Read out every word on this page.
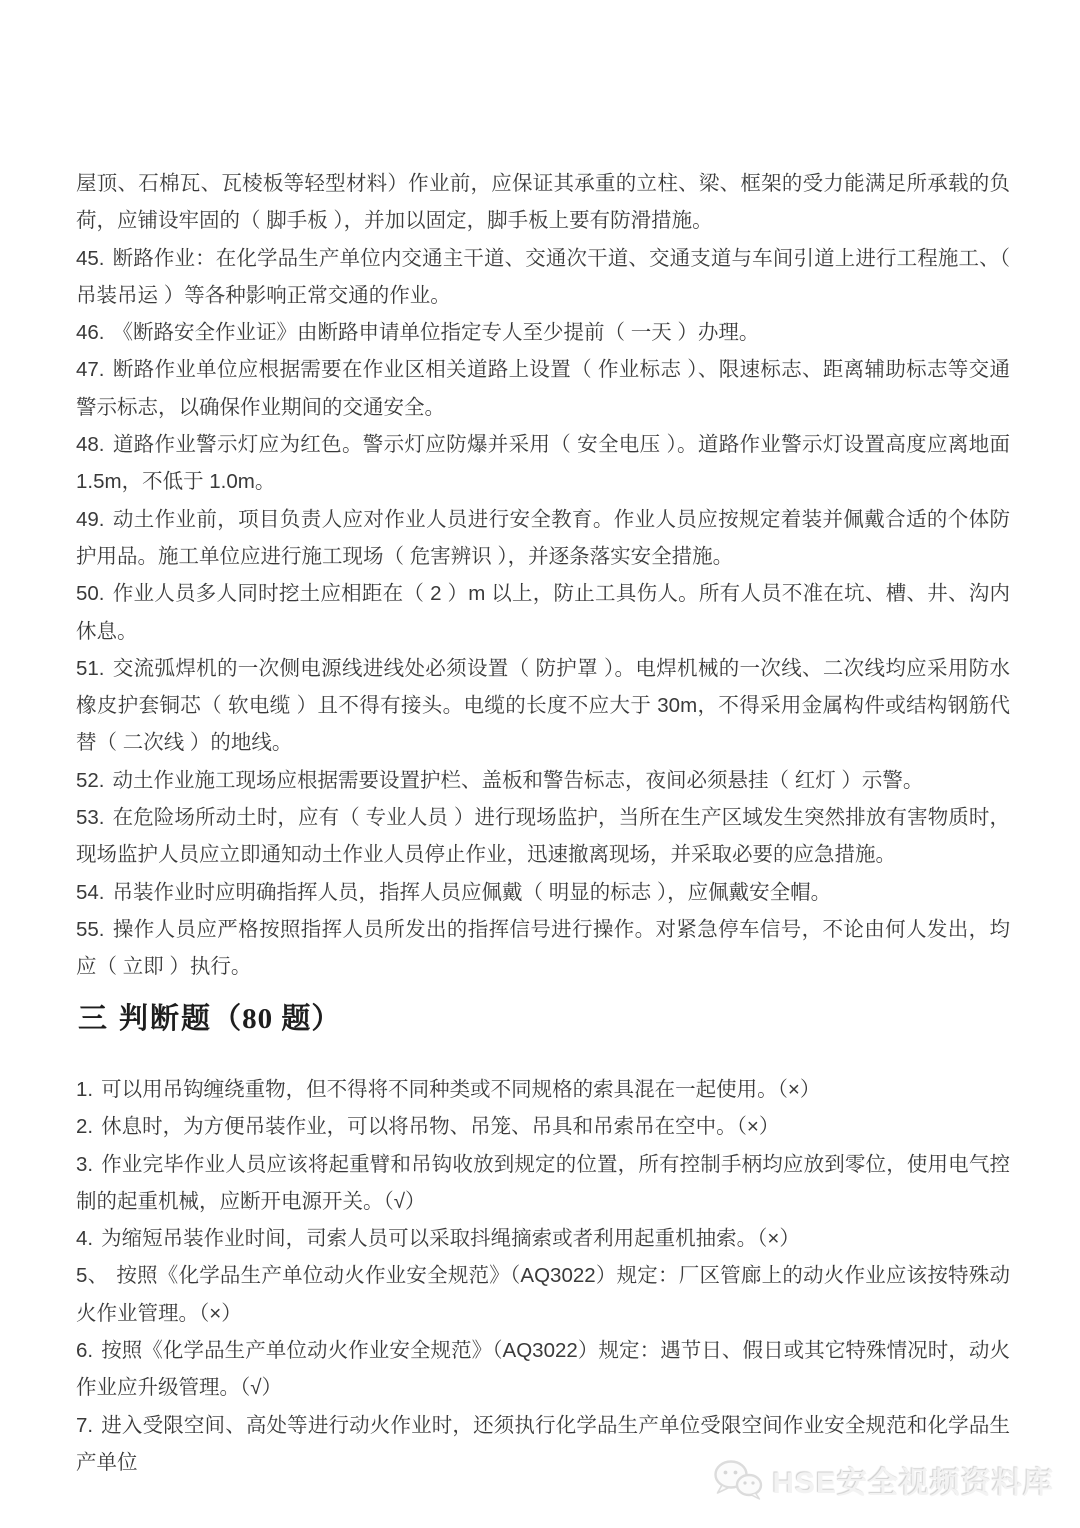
屋顶、石棉瓦、瓦棱板等轻型材料）作业前，应保证其承重的立柱、梁、框架的受力能满足所承载的负荷，应铺设牢固的（ 脚手板 ），并加以固定，脚手板上要有防滑措施。

45. 断路作业：在化学品生产单位内交通主干道、交通次干道、交通支道与车间引道上进行工程施工、（ 吊装吊运 ）等各种影响正常交通的作业。

46. 《断路安全作业证》由断路申请单位指定专人至少提前（ 一天 ）办理。

47. 断路作业单位应根据需要在作业区相关道路上设置（ 作业标志 ）、限速标志、距离辅助标志等交通警示标志，以确保作业期间的交通安全。

48. 道路作业警示灯应为红色。警示灯应防爆并采用（ 安全电压 ）。道路作业警示灯设置高度应离地面 1.5m，不低于 1.0m。

49. 动土作业前，项目负责人应对作业人员进行安全教育。作业人员应按规定着装并佩戴合适的个体防护用品。施工单位应进行施工现场（ 危害辨识 ），并逐条落实安全措施。

50. 作业人员多人同时挖土应相距在（ 2 ）m 以上，防止工具伤人。所有人员不准在坑、槽、井、沟内休息。

51. 交流弧焊机的一次侧电源线进线处必须设置（ 防护罩 ）。电焊机械的一次线、二次线均应采用防水橡皮护套铜芯（ 软电缆 ）且不得有接头。电缆的长度不应大于 30m，不得采用金属构件或结构钢筋代替（ 二次线 ）的地线。

52. 动土作业施工现场应根据需要设置护栏、盖板和警告标志，夜间必须悬挂（ 红灯 ）示警。

53. 在危险场所动土时，应有（ 专业人员 ）进行现场监护，当所在生产区域发生突然排放有害物质时，现场监护人员应立即通知动土作业人员停止作业，迅速撤离现场，并采取必要的应急措施。

54. 吊装作业时应明确指挥人员，指挥人员应佩戴（ 明显的标志 ），应佩戴安全帽。

55. 操作人员应严格按照指挥人员所发出的指挥信号进行操作。对紧急停车信号，不论由何人发出，均应（ 立即 ）执行。

三 判断题（80 题）

1. 可以用吊钩缠绕重物，但不得将不同种类或不同规格的索具混在一起使用。（×）

2. 休息时，为方便吊装作业，可以将吊物、吊笼、吊具和吊索吊在空中。（×）

3. 作业完毕作业人员应该将起重臂和吊钩收放到规定的位置，所有控制手柄均应放到零位，使用电气控制的起重机械，应断开电源开关。（√）

4. 为缩短吊装作业时间，司索人员可以采取抖绳摘索或者利用起重机抽索。（×）

5、 按照《化学品生产单位动火作业安全规范》（AQ3022）规定：厂区管廊上的动火作业应该按特殊动火作业管理。（×）

6. 按照《化学品生产单位动火作业安全规范》（AQ3022）规定：遇节日、假日或其它特殊情况时，动火作业应升级管理。（√）

7. 进入受限空间、高处等进行动火作业时，还须执行化学品生产单位受限空间作业安全规范和化学品生产单位

HSE安全视频资料库
